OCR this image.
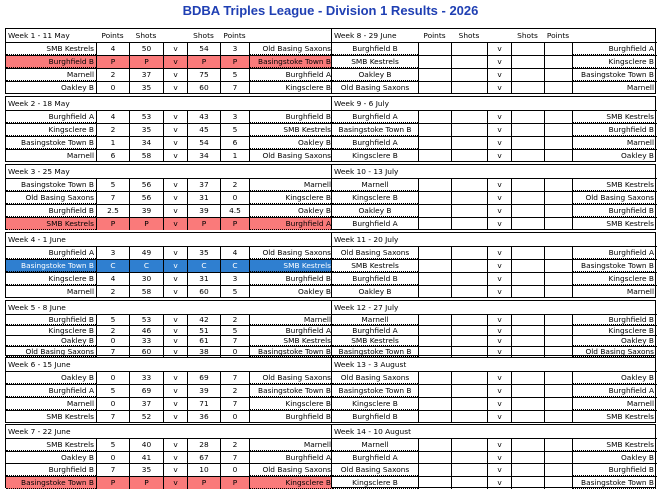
BDBA Triples League - Division 1 Results - 2026
Week 1 - 11 May	Points	Shots	Shots	Points
SMB Kestrels	4	50	v	54	3	Old Basing Saxons
Burghfield B	P	P	v	P	P	Basingstoke Town B
Marnell	2	37	v	75	5	Burghfield A
Oakley B	0	35	v	60	7	Kingsclere B
Week 2 - 18 May
Burghfield A	4	53	v	43	3	Burghfield B
Kingsclere B	2	35	v	45	5	SMB Kestrels
Basingstoke Town B	1	34	v	54	6	Oakley B
Marnell	6	58	v	34	1	Old Basing Saxons
Week 3 - 25 May
Basingstoke Town B	5	56	v	37	2	Marnell
Old Basing Saxons	7	56	v	31	0	Kingsclere B
Burghfield B	2.5	39	v	39	4.5	Oakley B
SMB Kestrels	P	P	v	P	P	Burghfield A
Week 4 - 1 June
Burghfield A	3	49	v	35	4	Old Basing Saxons
Basingstoke Town B	C	C	v	C	C	SMB Kestrels
Kingsclere B	4	30	v	31	3	Burghfield B
Marnell	2	58	v	60	5	Oakley B
Week 5 - 8 June
Burghfield B	5	53	v	42	2	Marnell
Kingsclere B	2	46	v	51	5	Burghfield A
Oakley B	0	33	v	61	7	SMB Kestrels
Old Basing Saxons	7	60	v	38	0	Basingstoke Town B
Week 6 - 15 June
Oakley B	0	33	v	69	7	Old Basing Saxons
Burghfield A	5	69	v	39	2	Basingstoke Town B
Marnell	0	37	v	71	7	Kingsclere B
SMB Kestrels	7	52	v	36	0	Burghfield B
Week 7 - 22 June
SMB Kestrels	5	40	v	28	2	Marnell
Oakley B	0	41	v	67	7	Burghfield A
Burghfield B	7	35	v	10	0	Old Basing Saxons
Basingstoke Town B	P	P	v	P	P	Kingsclere B
Week 8 - 29 June	Points	Shots	Shots	Points
Burghfield B	v	Burghfield A
SMB Kestrels	v	Kingsclere B
Oakley B	v	Basingstoke Town B
Old Basing Saxons	v	Marnell
Week 9 - 6 July
Burghfield A	v	SMB Kestrels
Basingstoke Town B	v	Burghfield B
Burghfield A	v	Marnell
Kingsclere B	v	Oakley B
Week 10 - 13 July
Marnell	v	SMB Kestrels
Kingsclere B	v	Old Basing Saxons
Oakley B	v	Burghfield B
Burghfield A	v	SMB Kestrels
Week 11 - 20 July
Old Basing Saxons	v	Burghfield A
SMB Kestrels	v	Basingstoke Town B
Burghfield B	v	Kingsclere B
Oakley B	v	Marnell
Week 12 - 27 July
Marnell	v	Burghfield B
Burghfield A	v	Kingsclere B
SMB Kestrels	v	Oakley B
Basingstoke Town B	v	Old Basing Saxons
Week 13 - 3 August
Old Basing Saxons	v	Oakley B
Basingstoke Town B	v	Burghfield A
Kingsclere B	v	Marnell
Burghfield B	v	SMB Kestrels
Week 14 - 10 August
Marnell	v	SMB Kestrels
Burghfield A	v	Oakley B
Old Basing Saxons	v	Burghfield B
Kingsclere B	v	Basingstoke Town B
